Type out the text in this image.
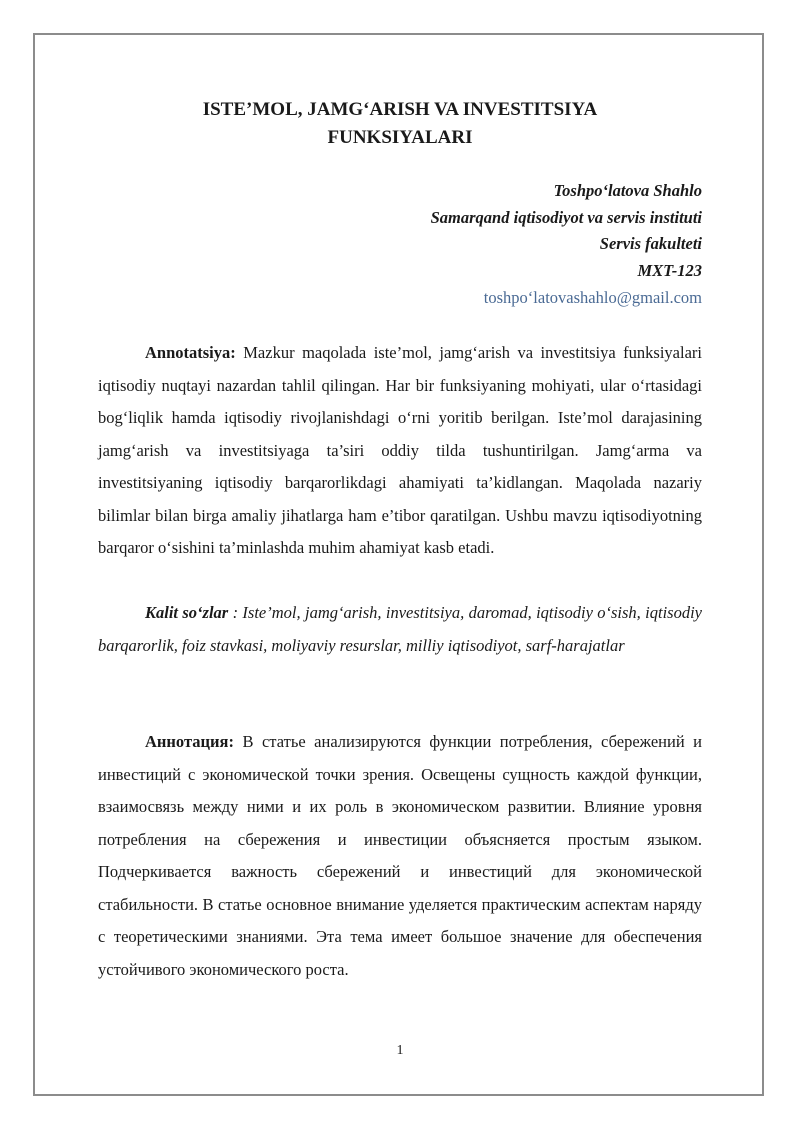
ISTE’MOL, JAMG‘ARISH VA INVESTITSIYA
FUNKSIYALARI
Toshpo‘latova Shahlo
Samarqand iqtisodiyot va servis instituti
Servis fakulteti
MXT-123
toshpo‘latovashahlo@gmail.com

Annotatsiya: Mazkur maqolada iste’mol, jamg‘arish va investitsiya funksiyalari iqtisodiy nuqtayi nazardan tahlil qilingan. Har bir funksiyaning mohiyati, ular o‘rtasidagi bog‘liqlik hamda iqtisodiy rivojlanishdagi o‘rni yoritib berilgan. Iste’mol darajasining jamg‘arish va investitsiyaga ta’siri oddiy tilda tushuntirilgan. Jamg‘arma va investitsiyaning iqtisodiy barqarorlikdagi ahamiyati ta’kidlangan. Maqolada nazariy bilimlar bilan birga amaliy jihatlarga ham e’tibor qaratilgan. Ushbu mavzu iqtisodiyotning barqaror o‘sishini ta’minlashda muhim ahamiyat kasb etadi.

Kalit so‘zlar : Iste’mol, jamg‘arish, investitsiya, daromad, iqtisodiy o‘sish, iqtisodiy barqarorlik, foiz stavkasi, moliyaviy resurslar, milliy iqtisodiyot, sarf-harajatlar

Аннотация: В статье анализируются функции потребления, сбережений и инвестиций с экономической точки зрения. Освещены сущность каждой функции, взаимосвязь между ними и их роль в экономическом развитии. Влияние уровня потребления на сбережения и инвестиции объясняется простым языком. Подчеркивается важность сбережений и инвестиций для экономической стабильности. В статье основное внимание уделяется практическим аспектам наряду с теоретическими знаниями. Эта тема имеет большое значение для обеспечения устойчивого экономического роста.

1
